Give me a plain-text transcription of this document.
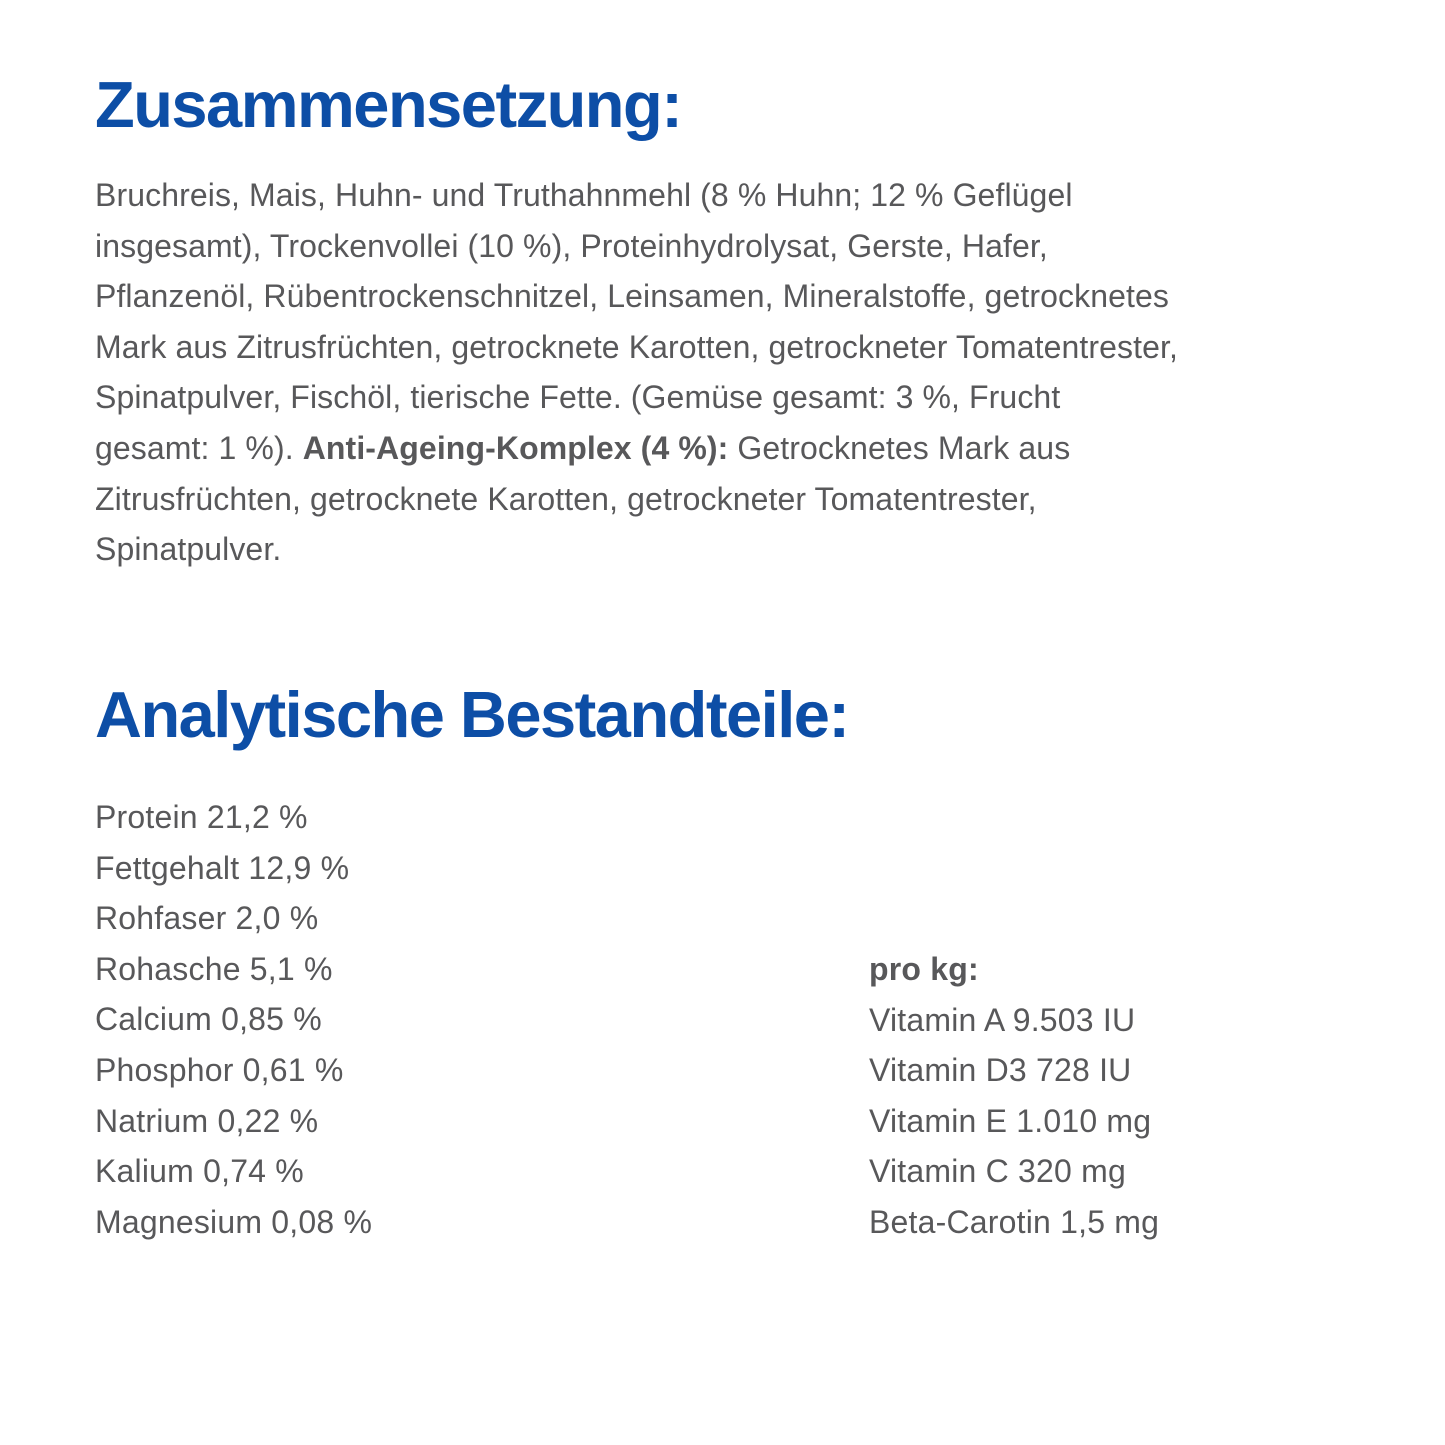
Zusammensetzung:

Bruchreis, Mais, Huhn- und Truthahnmehl (8 % Huhn; 12 % Geflügel
insgesamt), Trockenvollei (10 %), Proteinhydrolysat, Gerste, Hafer,
Pflanzenöl, Rübentrockenschnitzel, Leinsamen, Mineralstoffe, getrocknetes
Mark aus Zitrusfrüchten, getrocknete Karotten, getrockneter Tomatentrester,
Spinatpulver, Fischöl, tierische Fette. (Gemüse gesamt: 3 %, Frucht
gesamt: 1 %). Anti-Ageing-Komplex (4 %): Getrocknetes Mark aus
Zitrusfrüchten, getrocknete Karotten, getrockneter Tomatentrester,
Spinatpulver.

Analytische Bestandteile:
Protein 21,2 %
Fettgehalt 12,9 %
Rohfaser 2,0 %
Rohasche 5,1 %
Calcium 0,85 %
Phosphor 0,61 %
Natrium 0,22 %
Kalium 0,74 %
Magnesium 0,08 %
pro kg:
Vitamin A 9.503 IU
Vitamin D3 728 IU
Vitamin E 1.010 mg
Vitamin C 320 mg
Beta-Carotin 1,5 mg
